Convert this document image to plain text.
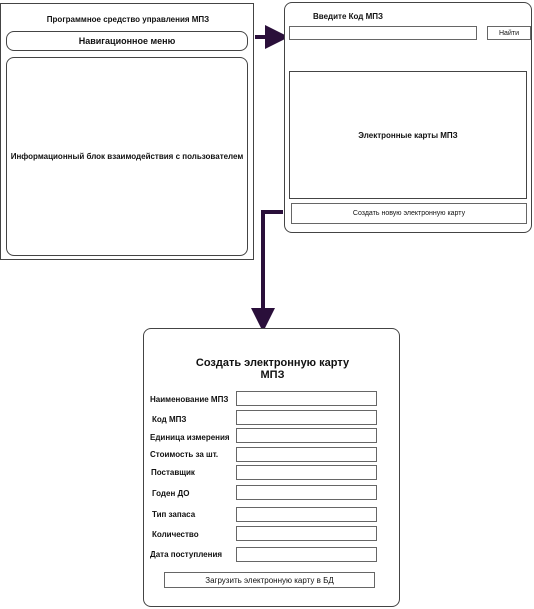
Программное средство управления МПЗ
Навигационное меню
Информационный блок взаимодействия с пользователем
Введите Код МПЗ
Найти
Электронные карты МПЗ
Создать новую электронную карту
Создать электронную карту
МПЗ
Наименование МПЗ
Код МПЗ
Единица измерения
Стоимость за шт.
Поставщик
Годен ДО
Тип запаса
Количество
Дата поступления
Загрузить электронную карту в БД
